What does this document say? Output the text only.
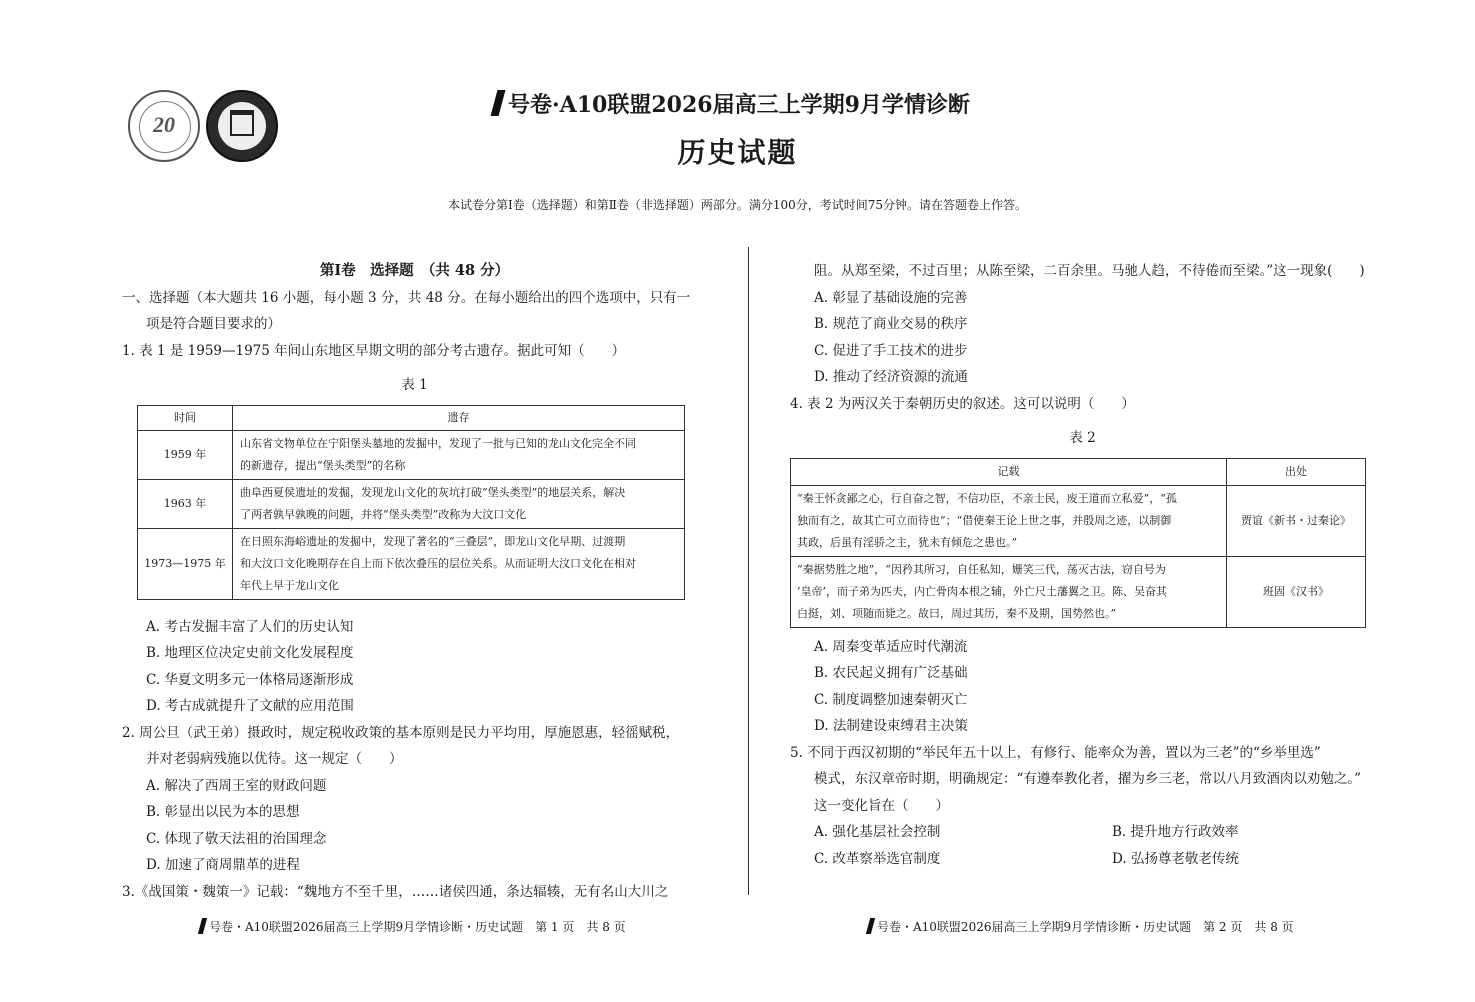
20
号卷·A10联盟2026届高三上学期9月学情诊断
历史试题
本试卷分第Ⅰ卷（选择题）和第Ⅱ卷（非选择题）两部分。满分100分，考试时间75分钟。请在答题卷上作答。

第Ⅰ卷　选择题　（共 48 分）

一、选择题（本大题共 16 小题，每小题 3 分，共 48 分。在每小题给出的四个选项中，只有一

项是符合题目要求的）

1. 表 1 是 1959—1975 年间山东地区早期文明的部分考古遗存。据此可知（　　）

表 1

时间	遗存
1959 年	山东省文物单位在宁阳堡头墓地的发掘中，发现了一批与已知的龙山文化完全不同
的新遗存，提出“堡头类型”的名称

1963 年	曲阜西夏侯遗址的发掘，发现龙山文化的灰坑打破“堡头类型”的地层关系，解决
了两者孰早孰晚的问题，并将“堡头类型”改称为大汶口文化

1973—1975 年	在日照东海峪遗址的发掘中，发现了著名的“三叠层”，即龙山文化早期、过渡期
和大汶口文化晚期存在自上而下依次叠压的层位关系。从而证明大汶口文化在相对
年代上早于龙山文化

A. 考古发掘丰富了人们的历史认知

B. 地理区位决定史前文化发展程度

C. 华夏文明多元一体格局逐渐形成

D. 考古成就提升了文献的应用范围

2. 周公旦（武王弟）摄政时，规定税收政策的基本原则是民力平均用，厚施恩惠，轻徭赋税，

并对老弱病残施以优待。这一规定（　　）

A. 解决了西周王室的财政问题

B. 彰显出以民为本的思想

C. 体现了敬天法祖的治国理念

D. 加速了商周鼎革的进程

3.《战国策・魏策一》记载：“魏地方不至千里，……诸侯四通，条达辐辏，无有名山大川之

阻。从郑至梁，不过百里；从陈至梁，二百余里。马驰人趋，不待倦而至梁。”这一现象(　　)

A. 彰显了基础设施的完善

B. 规范了商业交易的秩序

C. 促进了手工技术的进步

D. 推动了经济资源的流通

4. 表 2 为两汉关于秦朝历史的叙述。这可以说明（　　）

表 2

记载	出处

“秦王怀贪鄙之心，行自奋之智，不信功臣，不亲士民，废王道而立私爱”，“孤
独而有之，故其亡可立而待也”；“借使秦王论上世之事，并殷周之迹，以制御
其政，后虽有淫骄之主，犹未有倾危之患也。”	贾谊《新书・过秦论》

“秦据势胜之地”，“因矜其所习，自任私知，姗笑三代，荡灭古法，窃自号为
‘皇帝’，而子弟为匹夫，内亡骨肉本根之辅，外亡尺土藩翼之卫。陈、吴奋其
白挺，刘、项随而毙之。故曰，周过其历，秦不及期，国势然也。”	班固《汉书》

A. 周秦变革适应时代潮流

B. 农民起义拥有广泛基础

C. 制度调整加速秦朝灭亡

D. 法制建设束缚君主决策

5. 不同于西汉初期的“举民年五十以上，有修行、能率众为善，置以为三老”的“乡举里选”

模式，东汉章帝时期，明确规定：“有遵奉教化者，擢为乡三老，常以八月致酒肉以劝勉之。”

这一变化旨在（　　）

A. 强化基层社会控制	B. 提升地方行政效率
C. 改革察举选官制度	D. 弘扬尊老敬老传统
号卷・A10联盟2026届高三上学期9月学情诊断・历史试题　第 1 页　共 8 页	号卷・A10联盟2026届高三上学期9月学情诊断・历史试题　第 2 页　共 8 页
